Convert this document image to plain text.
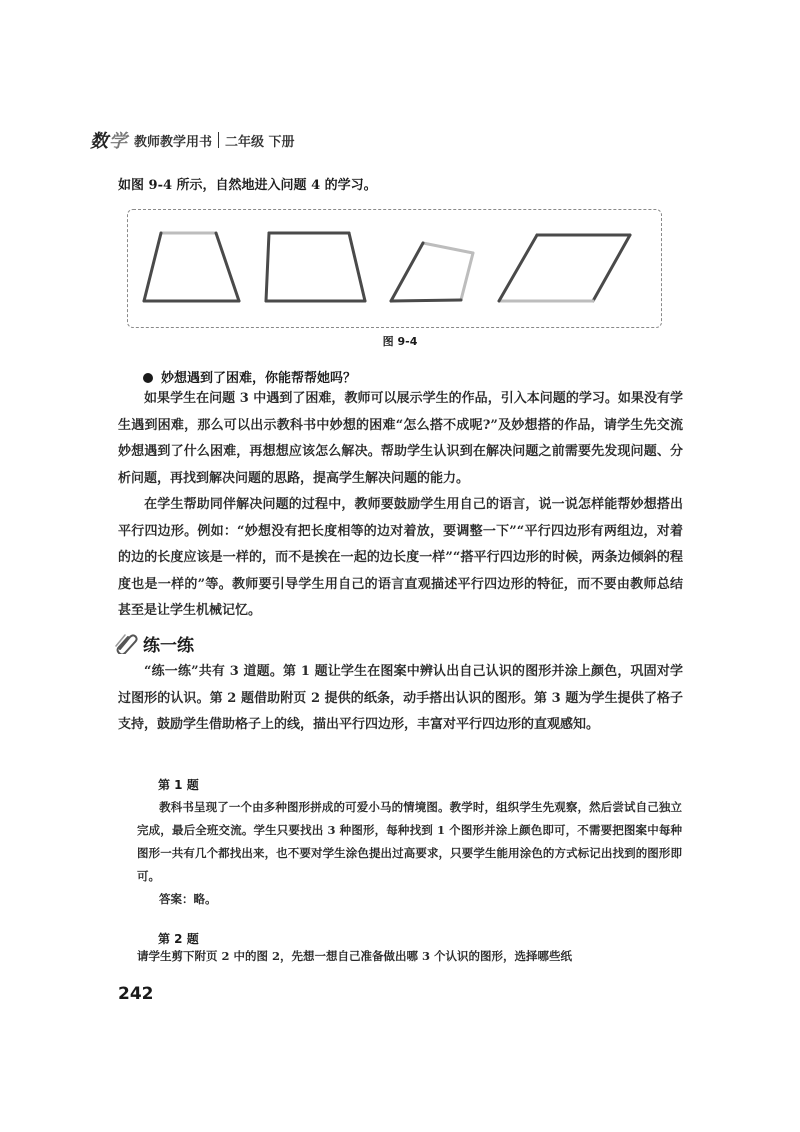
数学 教师教学用书 二年级 下册
如图 9-4 所示，自然地进入问题 4 的学习。
图 9-4
妙想遇到了困难，你能帮帮她吗？
如果学生在问题 3 中遇到了困难，教师可以展示学生的作品，引入本问题的学习。如果没有学生遇到困难，那么可以出示教科书中妙想的困难“怎么搭不成呢?”及妙想搭的作品，请学生先交流妙想遇到了什么困难，再想想应该怎么解决。帮助学生认识到在解决问题之前需要先发现问题、分析问题，再找到解决问题的思路，提高学生解决问题的能力。
在学生帮助同伴解决问题的过程中，教师要鼓励学生用自己的语言，说一说怎样能帮妙想搭出平行四边形。例如：“妙想没有把长度相等的边对着放，要调整一下”“平行四边形有两组边，对着的边的长度应该是一样的，而不是挨在一起的边长度一样”“搭平行四边形的时候，两条边倾斜的程度也是一样的”等。教师要引导学生用自己的语言直观描述平行四边形的特征，而不要由教师总结甚至是让学生机械记忆。
练一练
“练一练”共有 3 道题。第 1 题让学生在图案中辨认出自己认识的图形并涂上颜色，巩固对学过图形的认识。第 2 题借助附页 2 提供的纸条，动手搭出认识的图形。第 3 题为学生提供了格子支持，鼓励学生借助格子上的线，描出平行四边形，丰富对平行四边形的直观感知。
第 1 题
教科书呈现了一个由多种图形拼成的可爱小马的情境图。教学时，组织学生先观察，然后尝试自己独立完成，最后全班交流。学生只要找出 3 种图形，每种找到 1 个图形并涂上颜色即可，不需要把图案中每种图形一共有几个都找出来，也不要对学生涂色提出过高要求，只要学生能用涂色的方式标记出找到的图形即可。
答案：略。
第 2 题
请学生剪下附页 2 中的图 2，先想一想自己准备做出哪 3 个认识的图形，选择哪些纸
242
